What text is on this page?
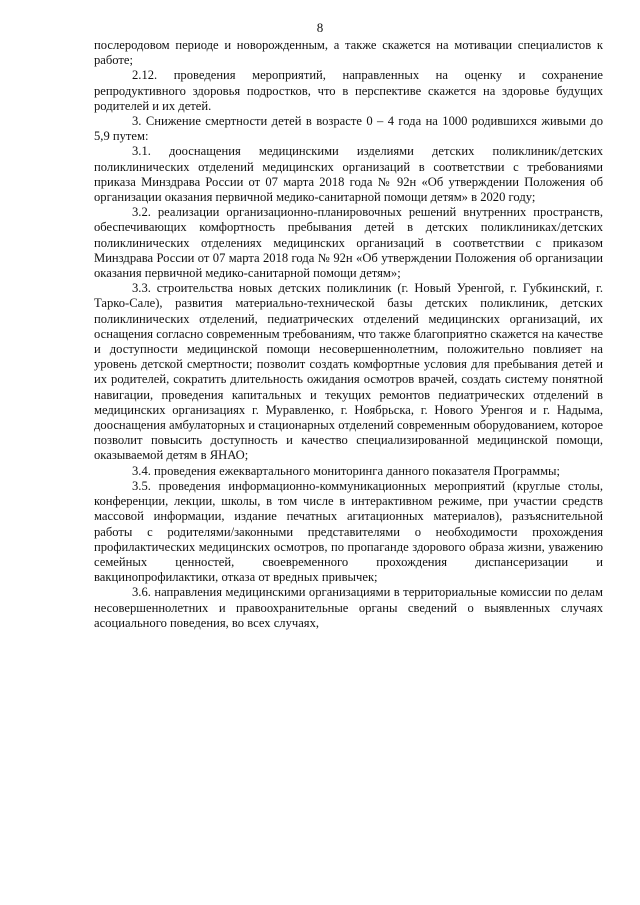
8

послеродовом периоде и новорожденным, а также скажется на мотивации специалистов к работе;

2.12. проведения мероприятий, направленных на оценку и сохранение репродуктивного здоровья подростков, что в перспективе скажется на здоровье будущих родителей и их детей.

3. Снижение смертности детей в возрасте 0 – 4 года на 1000 родившихся живыми до 5,9 путем:

3.1. дооснащения медицинскими изделиями детских поликлиник/детских поликлинических отделений медицинских организаций в соответствии с требованиями приказа Минздрава России от 07 марта 2018 года № 92н «Об утверждении Положения об организации оказания первичной медико-санитарной помощи детям» в 2020 году;

3.2. реализации организационно-планировочных решений внутренних пространств, обеспечивающих комфортность пребывания детей в детских поликлиниках/детских поликлинических отделениях медицинских организаций в соответствии с приказом Минздрава России от 07 марта 2018 года № 92н «Об утверждении Положения об организации оказания первичной медико-санитарной помощи детям»;

3.3. строительства новых детских поликлиник (г. Новый Уренгой, г. Губкинский, г. Тарко-Сале), развития материально-технической базы детских поликлиник, детских поликлинических отделений, педиатрических отделений медицинских организаций, их оснащения согласно современным требованиям, что также благоприятно скажется на качестве и доступности медицинской помощи несовершеннолетним, положительно повлияет на уровень детской смертности; позволит создать комфортные условия для пребывания детей и их родителей, сократить длительность ожидания осмотров врачей, создать систему понятной навигации, проведения капитальных и текущих ремонтов педиатрических отделений в медицинских организациях г. Муравленко, г. Ноябрьска, г. Нового Уренгоя и г. Надыма, дооснащения амбулаторных и стационарных отделений современным оборудованием, которое позволит повысить доступность и качество специализированной медицинской помощи, оказываемой детям в ЯНАО;

3.4. проведения ежеквартального мониторинга данного показателя Программы;

3.5. проведения информационно-коммуникационных мероприятий (круглые столы, конференции, лекции, школы, в том числе в интерактивном режиме, при участии средств массовой информации, издание печатных агитационных материалов), разъяснительной работы с родителями/законными представителями о необходимости прохождения профилактических медицинских осмотров, по пропаганде здорового образа жизни, уважению семейных ценностей, своевременного прохождения диспансеризации и вакцинопрофилактики, отказа от вредных привычек;

3.6. направления медицинскими организациями в территориальные комиссии по делам несовершеннолетних и правоохранительные органы сведений о выявленных случаях асоциального поведения, во всех случаях,
